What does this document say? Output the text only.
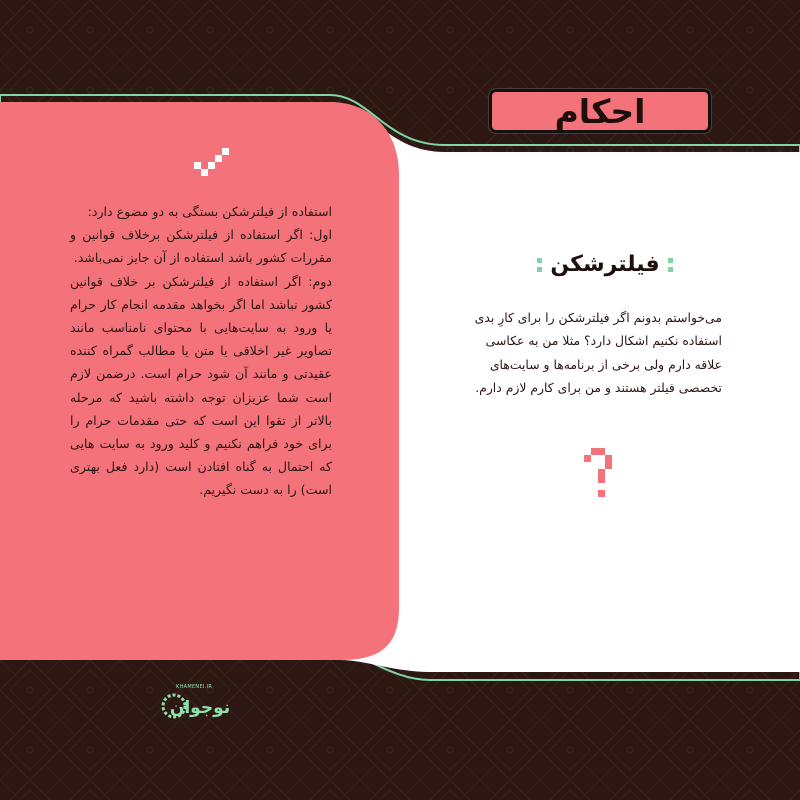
احکام

استفاده از فیلترشکن بستگی به دو مضوع دارد:

اول: اگر استفاده از فیلترشکن برخلاف قوانین و مقررات کشور باشد استفاده از آن جایز نمی‌باشد.

دوم: اگر استفاده از فیلترشکن بر خلاف قوانین کشور نباشد اما اگر بخواهد مقدمه انجام کار حرام یا ورود به سایت‌هایی با محتوای نامناسب مانند تصاویر غیر اخلاقی یا متن یا مطالب گمراه کننده عقیدتی و مانند آن شود حرام است. درضمن لازم است شما عزیزان توجه داشته باشید که مرحله بالاتر از تقوا این است که حتی مقدمات حرام را برای خود فراهم نکنیم و کلید ورود به سایت هایی که احتمال به گناه افتادن است (دارد فعل بهتری است) را به دست نگیریم.

فیلترشکن
می‌خواستم بدونم اگر فیلترشکن را برای کارِ بدی استفاده نکنیم اشکال دارد؟ مثلا من به عکاسی علاقه دارم ولی برخی از برنامه‌ها و سایت‌های تخصصی فیلتر هستند و من برای کارم لازم دارم.
KHAMENEI.IR
نوجوان
